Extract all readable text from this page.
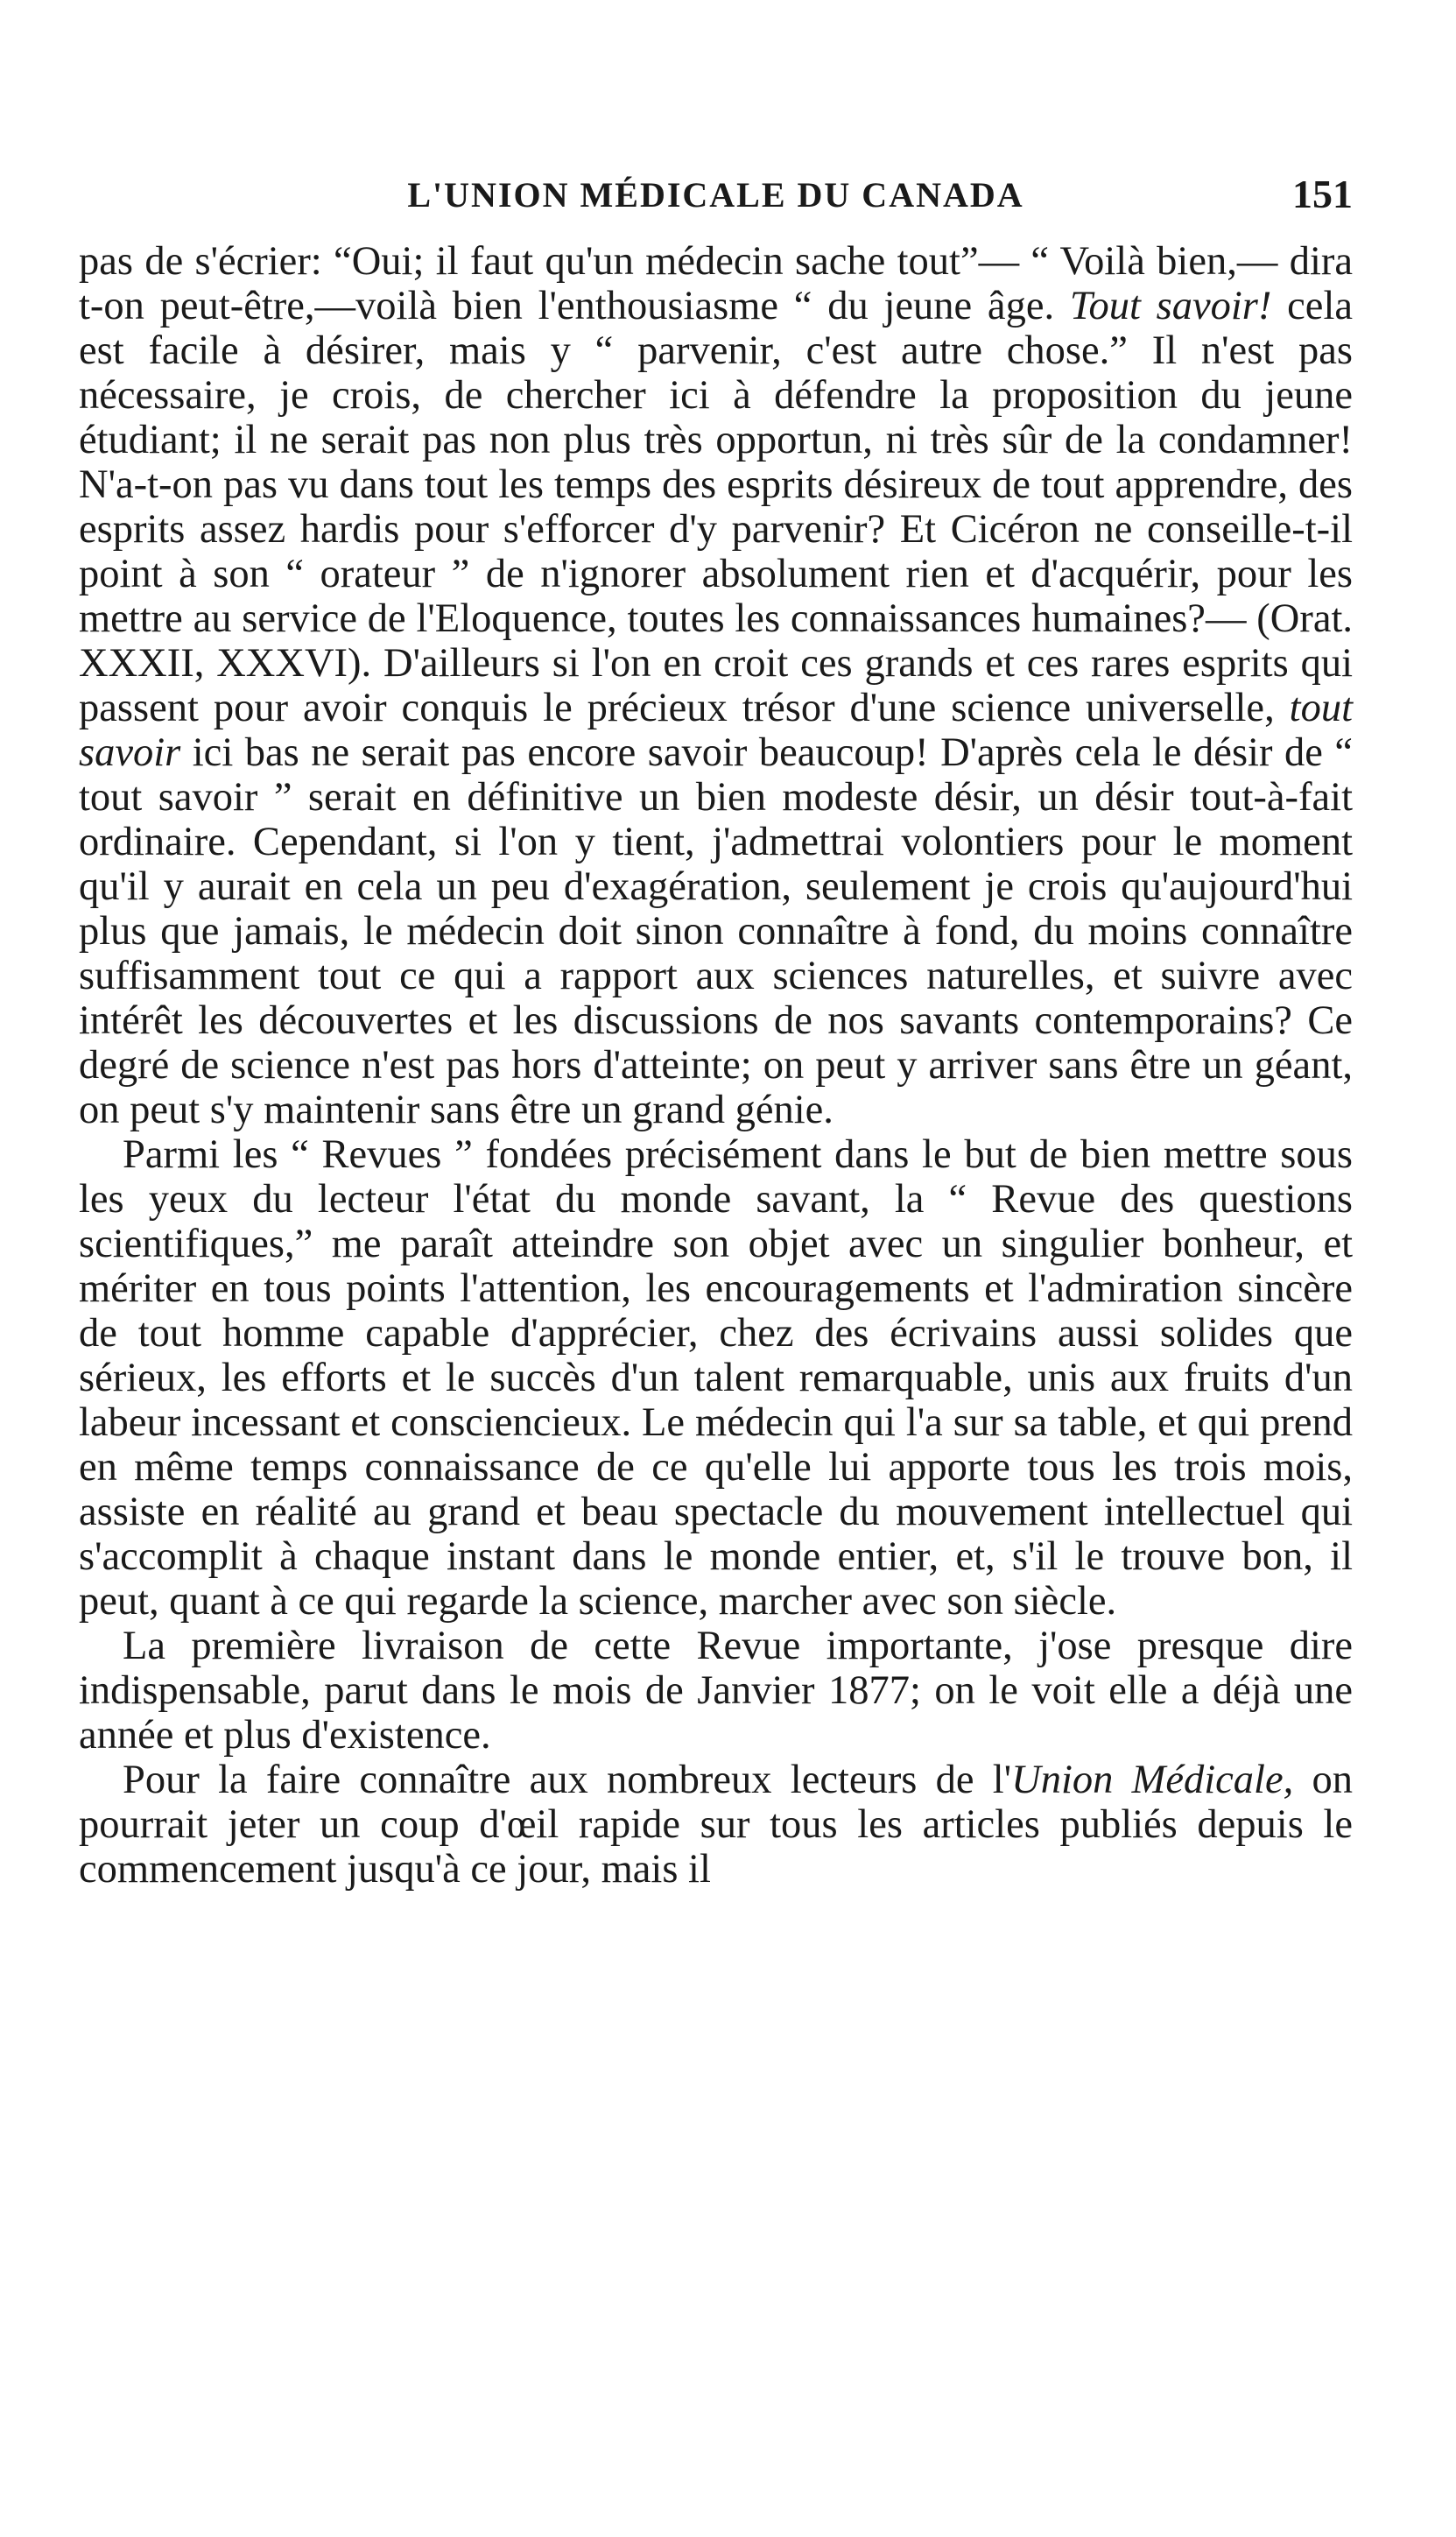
L'UNION MÉDICALE DU CANADA	151

pas de s'écrier: “Oui; il faut qu'un médecin sache tout”— “ Voilà bien,— dira t-on peut-être,—voilà bien l'enthousiasme “ du jeune âge. Tout savoir! cela est facile à désirer, mais y “ parvenir, c'est autre chose.” Il n'est pas nécessaire, je crois, de chercher ici à défendre la proposition du jeune étudiant; il ne serait pas non plus très opportun, ni très sûr de la condamner! N'a-t-on pas vu dans tout les temps des esprits désireux de tout apprendre, des esprits assez hardis pour s'efforcer d'y parvenir? Et Cicéron ne conseille-t-il point à son “ orateur ” de n'ignorer absolument rien et d'acquérir, pour les mettre au service de l'Eloquence, toutes les connaissances humaines?— (Orat. XXXII, XXXVI). D'ailleurs si l'on en croit ces grands et ces rares esprits qui passent pour avoir conquis le précieux trésor d'une science universelle, tout savoir ici bas ne serait pas encore savoir beaucoup! D'après cela le désir de “ tout savoir ” serait en définitive un bien modeste désir, un désir tout-à-fait ordinaire. Cependant, si l'on y tient, j'admettrai volontiers pour le moment qu'il y aurait en cela un peu d'exagération, seulement je crois qu'aujourd'hui plus que jamais, le médecin doit sinon connaître à fond, du moins connaître suffisamment tout ce qui a rapport aux sciences naturelles, et suivre avec intérêt les découvertes et les discussions de nos savants contemporains? Ce degré de science n'est pas hors d'atteinte; on peut y arriver sans être un géant, on peut s'y maintenir sans être un grand génie.

Parmi les “ Revues ” fondées précisément dans le but de bien mettre sous les yeux du lecteur l'état du monde savant, la “ Revue des questions scientifiques,” me paraît atteindre son objet avec un singulier bonheur, et mériter en tous points l'attention, les encouragements et l'admiration sincère de tout homme capable d'apprécier, chez des écrivains aussi solides que sérieux, les efforts et le succès d'un talent remarquable, unis aux fruits d'un labeur incessant et consciencieux. Le médecin qui l'a sur sa table, et qui prend en même temps connaissance de ce qu'elle lui apporte tous les trois mois, assiste en réalité au grand et beau spectacle du mouvement intellectuel qui s'accomplit à chaque instant dans le monde entier, et, s'il le trouve bon, il peut, quant à ce qui regarde la science, marcher avec son siècle.

La première livraison de cette Revue importante, j'ose presque dire indispensable, parut dans le mois de Janvier 1877; on le voit elle a déjà une année et plus d'existence.

Pour la faire connaître aux nombreux lecteurs de l'Union Médicale, on pourrait jeter un coup d'œil rapide sur tous les articles publiés depuis le commencement jusqu'à ce jour, mais il
